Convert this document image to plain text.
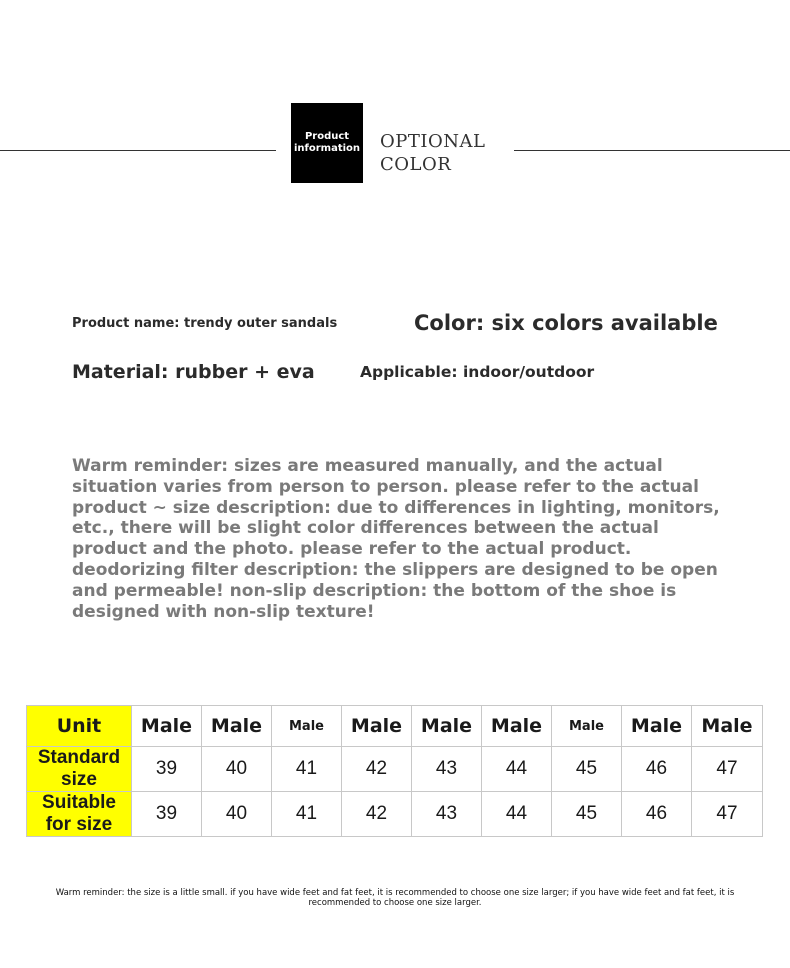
Product
information OPTIONAL
COLOR
Product name: trendy outer sandals	Color: six colors available
Material: rubber + eva	Applicable: indoor/outdoor

Warm reminder: sizes are measured manually, and the actual situation varies from person to person. please refer to the actual product ~ size description: due to differences in lighting, monitors, etc., there will be slight color differences between the actual product and the photo. please refer to the actual product. deodorizing filter description: the slippers are designed to be open and permeable! non-slip description: the bottom of the shoe is designed with non-slip texture!

Unit	Male	Male	Male	Male	Male	Male	Male	Male	Male
Standard size	39	40	41	42	43	44	45	46	47
Suitable for size	39	40	41	42	43	44	45	46	47
Warm reminder: the size is a little small. if you have wide feet and fat feet, it is recommended to choose one size larger; if you have wide feet and fat feet, it is recommended to choose one size larger.
